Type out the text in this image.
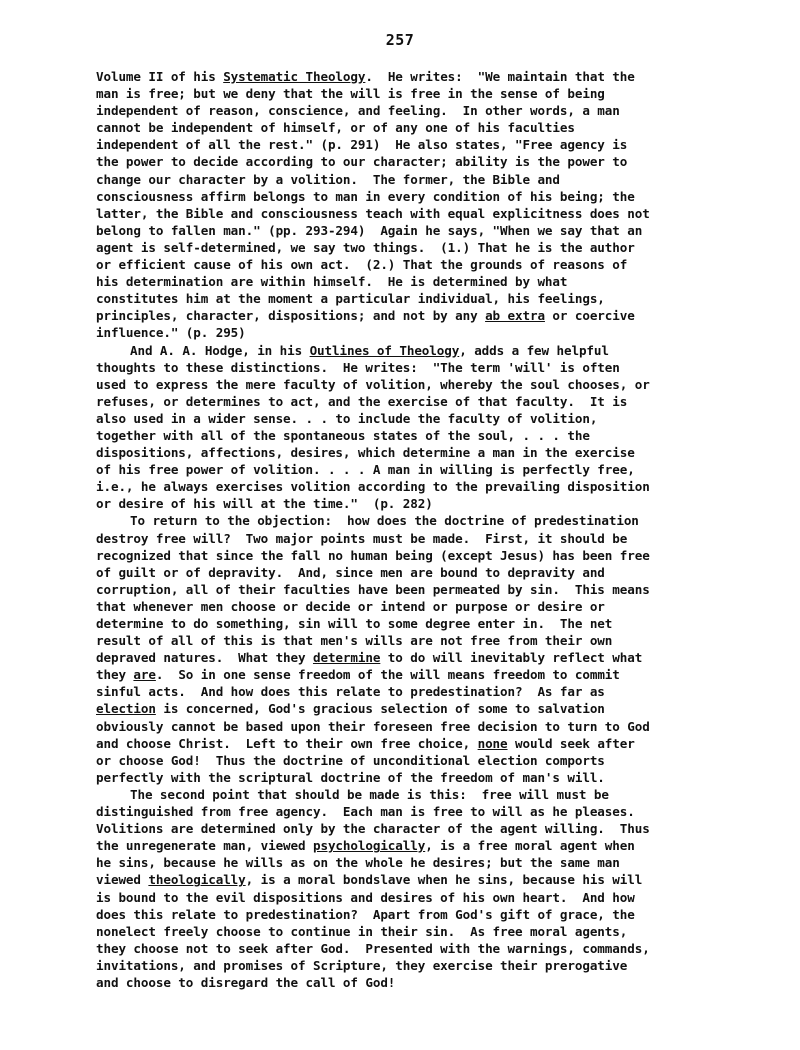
257
Volume II of his Systematic Theology.  He writes:  "We maintain that the
man is free; but we deny that the will is free in the sense of being
independent of reason, conscience, and feeling.  In other words, a man
cannot be independent of himself, or of any one of his faculties
independent of all the rest." (p. 291)  He also states, "Free agency is
the power to decide according to our character; ability is the power to
change our character by a volition.  The former, the Bible and
consciousness affirm belongs to man in every condition of his being; the
latter, the Bible and consciousness teach with equal explicitness does not
belong to fallen man." (pp. 293-294)  Again he says, "When we say that an
agent is self-determined, we say two things.  (1.) That he is the author
or efficient cause of his own act.  (2.) That the grounds of reasons of
his determination are within himself.  He is determined by what
constitutes him at the moment a particular individual, his feelings,
principles, character, dispositions; and not by any ab extra or coercive
influence." (p. 295)
And A. A. Hodge, in his Outlines of Theology, adds a few helpful
thoughts to these distinctions.  He writes:  "The term 'will' is often
used to express the mere faculty of volition, whereby the soul chooses, or
refuses, or determines to act, and the exercise of that faculty.  It is
also used in a wider sense. . . to include the faculty of volition,
together with all of the spontaneous states of the soul, . . . the
dispositions, affections, desires, which determine a man in the exercise
of his free power of volition. . . . A man in willing is perfectly free,
i.e., he always exercises volition according to the prevailing disposition
or desire of his will at the time."  (p. 282)
To return to the objection:  how does the doctrine of predestination
destroy free will?  Two major points must be made.  First, it should be
recognized that since the fall no human being (except Jesus) has been free
of guilt or of depravity.  And, since men are bound to depravity and
corruption, all of their faculties have been permeated by sin.  This means
that whenever men choose or decide or intend or purpose or desire or
determine to do something, sin will to some degree enter in.  The net
result of all of this is that men's wills are not free from their own
depraved natures.  What they determine to do will inevitably reflect what
they are.  So in one sense freedom of the will means freedom to commit
sinful acts.  And how does this relate to predestination?  As far as
election is concerned, God's gracious selection of some to salvation
obviously cannot be based upon their foreseen free decision to turn to God
and choose Christ.  Left to their own free choice, none would seek after
or choose God!  Thus the doctrine of unconditional election comports
perfectly with the scriptural doctrine of the freedom of man's will.
The second point that should be made is this:  free will must be
distinguished from free agency.  Each man is free to will as he pleases.
Volitions are determined only by the character of the agent willing.  Thus
the unregenerate man, viewed psychologically, is a free moral agent when
he sins, because he wills as on the whole he desires; but the same man
viewed theologically, is a moral bondslave when he sins, because his will
is bound to the evil dispositions and desires of his own heart.  And how
does this relate to predestination?  Apart from God's gift of grace, the
nonelect freely choose to continue in their sin.  As free moral agents,
they choose not to seek after God.  Presented with the warnings, commands,
invitations, and promises of Scripture, they exercise their prerogative
and choose to disregard the call of God!
